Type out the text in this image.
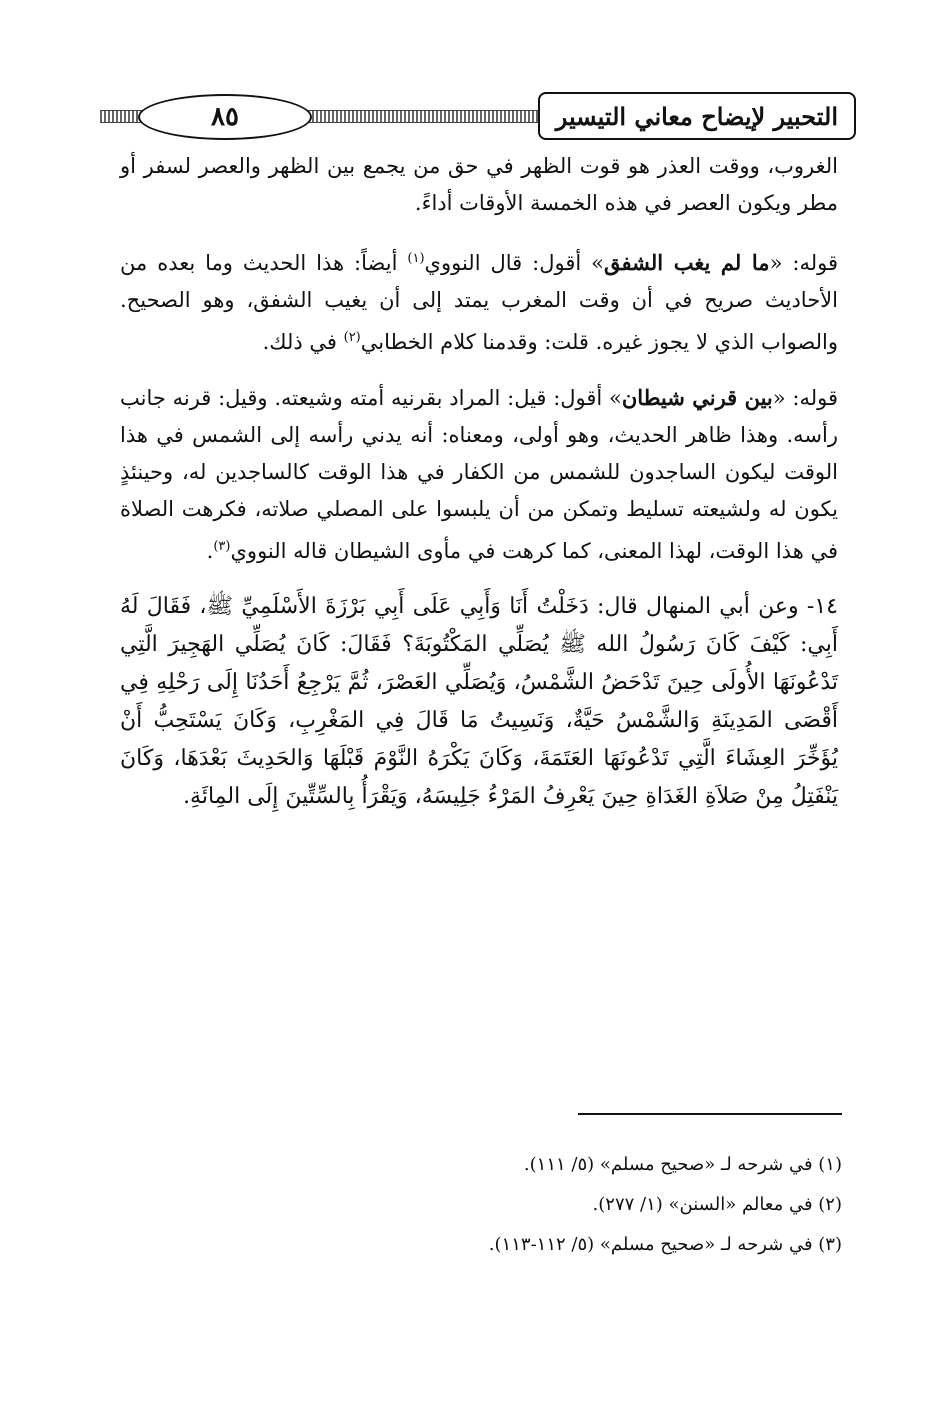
٨٥	التحبير لإيضاح معاني التيسير

الغروب، ووقت العذر هو قوت الظهر في حق من يجمع بين الظهر والعصر لسفر أو مطر ويكون العصر في هذه الخمسة الأوقات أداءً.

قوله: «ما لم يغب الشفق» أقول: قال النووي$^{(١)}$ أيضاً: هذا الحديث وما بعده من الأحاديث صريح في أن وقت المغرب يمتد إلى أن يغيب الشفق، وهو الصحيح. والصواب الذي لا يجوز غيره. قلت: وقدمنا كلام الخطابي$^{(٢)}$ في ذلك.

قوله: «بين قرني شيطان» أقول: قيل: المراد بقرنيه أمته وشيعته. وقيل: قرنه جانب رأسه. وهذا ظاهر الحديث، وهو أولى، ومعناه: أنه يدني رأسه إلى الشمس في هذا الوقت ليكون الساجدون للشمس من الكفار في هذا الوقت كالساجدين له، وحينئذٍ يكون له ولشيعته تسليط وتمكن من أن يلبسوا على المصلي صلاته، فكرهت الصلاة في هذا الوقت، لهذا المعنى، كما كرهت في مأوى الشيطان قاله النووي$^{(٣)}$.

١٤- وعن أبي المنهال قال: دَخَلْتُ أَنَا وَأَبِي عَلَى أَبِي بَرْزَةَ الأَسْلَمِيِّ ﷺ، فَقَالَ لَهُ أَبِي: كَيْفَ كَانَ رَسُولُ الله ﷺ يُصَلِّي المَكْتُوبَةَ؟ فَقَالَ: كَانَ يُصَلِّي الهَجِيرَ الَّتِي تَدْعُونَهَا الأُولَى حِينَ تَدْحَضُ الشَّمْسُ، وَيُصَلِّي العَصْرَ، ثُمَّ يَرْجِعُ أَحَدُنَا إِلَى رَحْلِهِ فِي أَقْصَى المَدِينَةِ وَالشَّمْسُ حَيَّةٌ، وَنَسِيتُ مَا قَالَ فِي المَغْرِبِ، وَكَانَ يَسْتَحِبُّ أَنْ يُؤَخِّرَ العِشَاءَ الَّتِي تَدْعُونَهَا العَتَمَةَ، وَكَانَ يَكْرَهُ النَّوْمَ قَبْلَهَا وَالحَدِيثَ بَعْدَهَا، وَكَانَ يَنْفَتِلُ مِنْ صَلاَةِ الغَدَاةِ حِينَ يَعْرِفُ المَرْءُ جَلِيسَهُ، وَيَقْرَأُ بِالسِّتِّينَ إِلَى المِائَةِ.

(١) في شرحه لـ «صحيح مسلم» (٥/ ١١١).
(٢) في معالم «السنن» (١/ ٢٧٧).
(٣) في شرحه لـ «صحيح مسلم» (٥/ ١١٢-١١٣).
